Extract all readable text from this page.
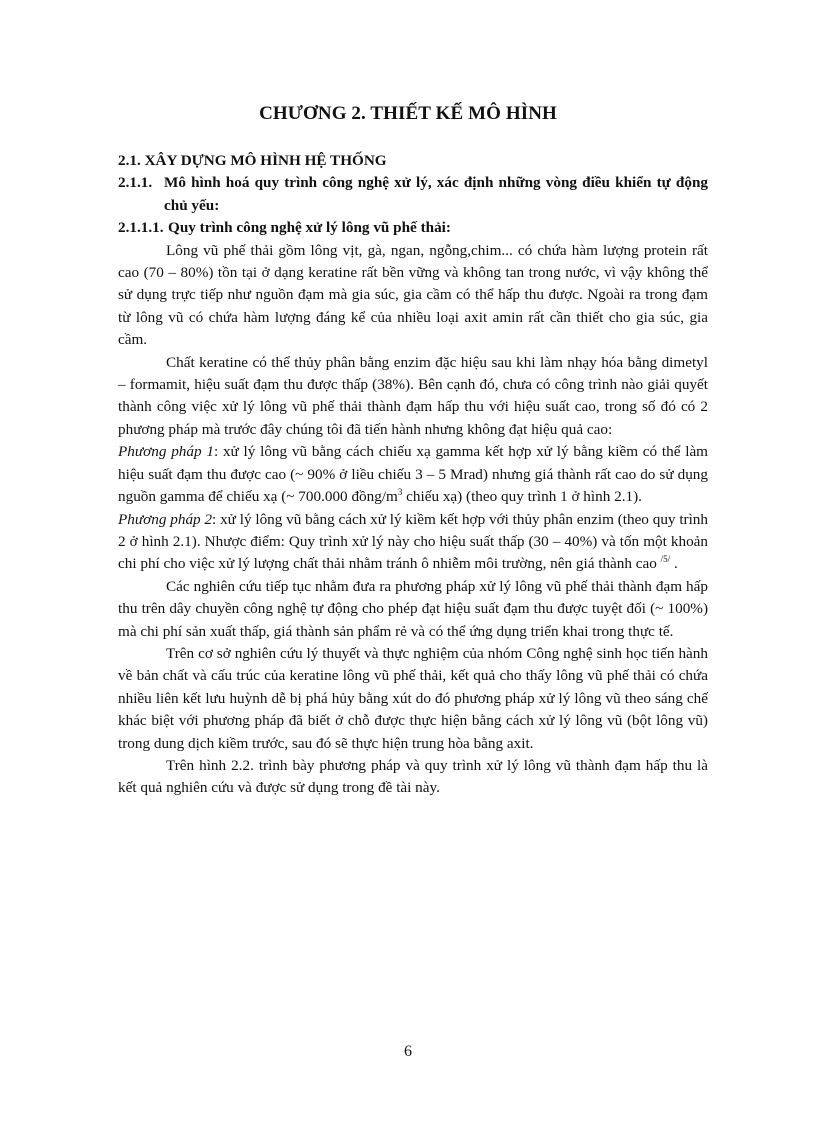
CHƯƠNG 2. THIẾT KẾ MÔ HÌNH
2.1. XÂY DỰNG MÔ HÌNH HỆ THỐNG
2.1.1. Mô hình hoá quy trình công nghệ xử lý, xác định những vòng điều khiển tự động chủ yếu:
2.1.1.1. Quy trình công nghệ xử lý lông vũ phế thải:

Lông vũ phế thải gồm lông vịt, gà, ngan, ngỗng,chim... có chứa hàm lượng protein rất cao (70 – 80%) tồn tại ở dạng keratine rất bền vững và không tan trong nước, vì vậy không thể sử dụng trực tiếp như nguồn đạm mà gia súc, gia cầm có thể hấp thu được. Ngoài ra trong đạm từ lông vũ có chứa hàm lượng đáng kể của nhiều loại axit amin rất cần thiết cho gia súc, gia cầm.

Chất keratine có thể thủy phân bằng enzim đặc hiệu sau khi làm nhạy hóa bằng dimetyl – formamit, hiệu suất đạm thu được thấp (38%). Bên cạnh đó, chưa có công trình nào giải quyết thành công việc xử lý lông vũ phế thải thành đạm hấp thu với hiệu suất cao, trong số đó có 2 phương pháp mà trước đây chúng tôi đã tiến hành nhưng không đạt hiệu quả cao:

Phương pháp 1: xử lý lông vũ bằng cách chiếu xạ gamma kết hợp xử lý bằng kiềm có thể làm hiệu suất đạm thu được cao (~ 90% ở liều chiếu 3 – 5 Mrad) nhưng giá thành rất cao do sử dụng nguồn gamma để chiếu xạ (~ 700.000 đồng/$m^3$ chiếu xạ) (theo quy trình 1 ở hình 2.1).

Phương pháp 2: xử lý lông vũ bằng cách xử lý kiềm kết hợp với thủy phân enzim (theo quy trình 2 ở hình 2.1). Nhược điểm: Quy trình xử lý này cho hiệu suất thấp (30 – 40%) và tốn một khoản chi phí cho việc xử lý lượng chất thải nhằm tránh ô nhiễm môi trường, nên giá thành cao $^{/5/}$ .

Các nghiên cứu tiếp tục nhằm đưa ra phương pháp xử lý lông vũ phế thải thành đạm hấp thu trên dây chuyền công nghệ tự động cho phép đạt hiệu suất đạm thu được tuyệt đối (~ 100%) mà chi phí sản xuất thấp, giá thành sản phẩm rẻ và có thể ứng dụng triển khai trong thực tế.

Trên cơ sở nghiên cứu lý thuyết và thực nghiệm của nhóm Công nghệ sinh học tiến hành về bản chất và cấu trúc của keratine lông vũ phế thải, kết quả cho thấy lông vũ phế thải có chứa nhiều liên kết lưu huỳnh dễ bị phá hủy bằng xút do đó phương pháp xử lý lông vũ theo sáng chế khác biệt với phương pháp đã biết ở chỗ được thực hiện bằng cách xử lý lông vũ (bột lông vũ) trong dung dịch kiềm trước, sau đó sẽ thực hiện trung hòa bằng axit.

Trên hình 2.2. trình bày phương pháp và quy trình xử lý lông vũ thành đạm hấp thu là kết quả nghiên cứu và được sử dụng trong đề tài này.

6
